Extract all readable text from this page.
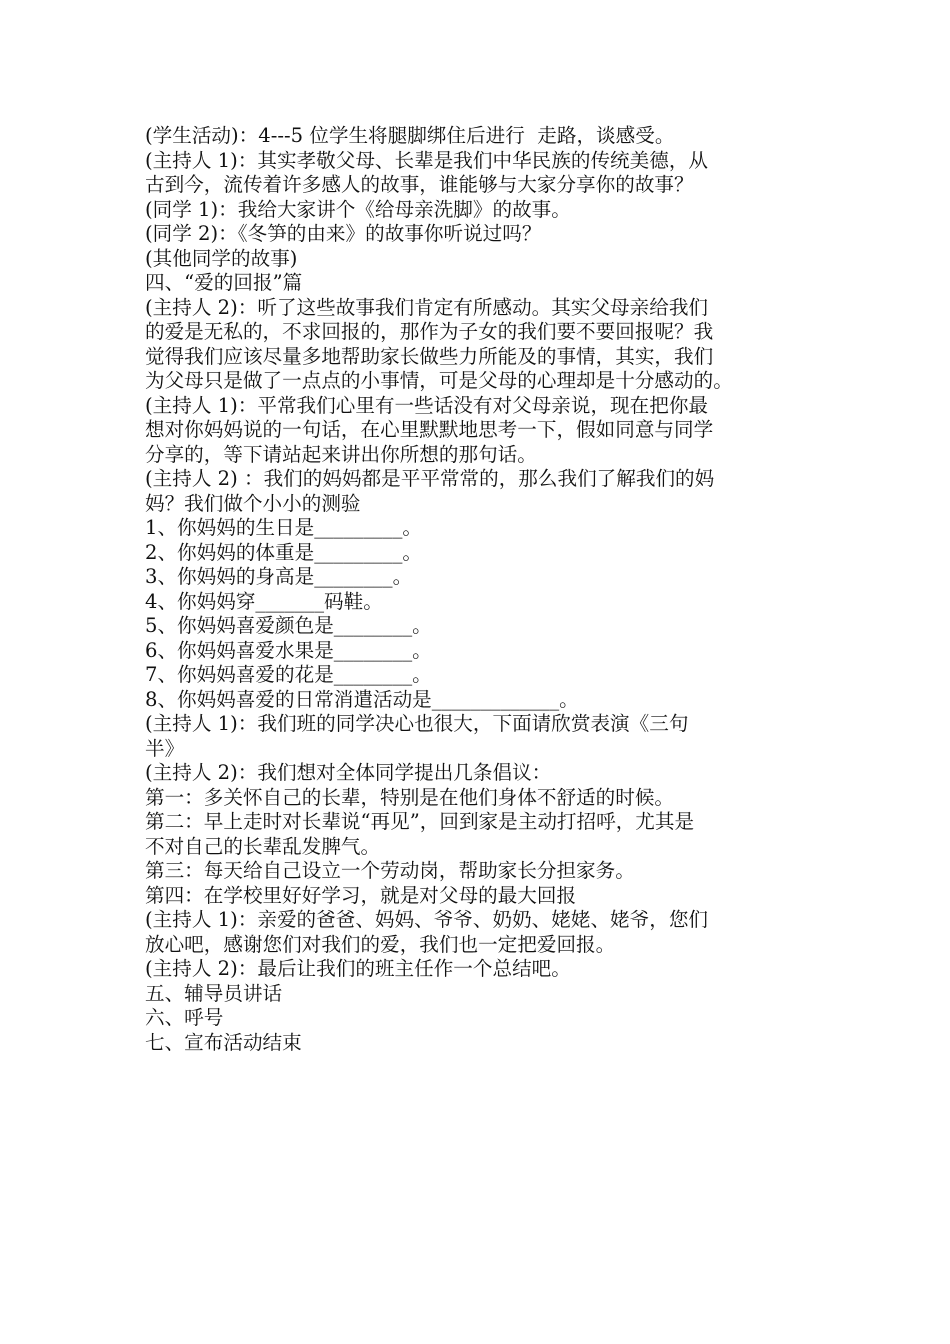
(学生活动)：4---5 位学生将腿脚绑住后进行  走路，谈感受。
(主持人 1)：其实孝敬父母、长辈是我们中华民族的传统美德，从
古到今，流传着许多感人的故事，谁能够与大家分享你的故事？
(同学 1)：我给大家讲个《给母亲洗脚》的故事。
(同学 2)：《冬笋的由来》的故事你听说过吗？
(其他同学的故事)
四、“爱的回报”篇
(主持人 2)：听了这些故事我们肯定有所感动。其实父母亲给我们
的爱是无私的，不求回报的，那作为子女的我们要不要回报呢？我
觉得我们应该尽量多地帮助家长做些力所能及的事情，其实，我们
为父母只是做了一点点的小事情，可是父母的心理却是十分感动的。
(主持人 1)：平常我们心里有一些话没有对父母亲说，现在把你最
想对你妈妈说的一句话，在心里默默地思考一下，假如同意与同学
分享的，等下请站起来讲出你所想的那句话。
(主持人 2) ：我们的妈妈都是平平常常的，那么我们了解我们的妈
妈？我们做个小小的测验
1、你妈妈的生日是_________。
2、你妈妈的体重是_________。
3、你妈妈的身高是________。
4、你妈妈穿_______码鞋。
5、你妈妈喜爱颜色是________。
6、你妈妈喜爱水果是________。
7、你妈妈喜爱的花是________。
8、你妈妈喜爱的日常消遣活动是_____________。
(主持人 1)：我们班的同学决心也很大，下面请欣赏表演《三句
半》
(主持人 2)：我们想对全体同学提出几条倡议：
第一：多关怀自己的长辈，特别是在他们身体不舒适的时候。
第二：早上走时对长辈说“再见”，回到家是主动打招呼，尤其是
不对自己的长辈乱发脾气。
第三：每天给自己设立一个劳动岗，帮助家长分担家务。
第四：在学校里好好学习，就是对父母的最大回报
(主持人 1)：亲爱的爸爸、妈妈、爷爷、奶奶、姥姥、姥爷，您们
放心吧，感谢您们对我们的爱，我们也一定把爱回报。
(主持人 2)：最后让我们的班主任作一个总结吧。
五、辅导员讲话
六、呼号
七、宣布活动结束
